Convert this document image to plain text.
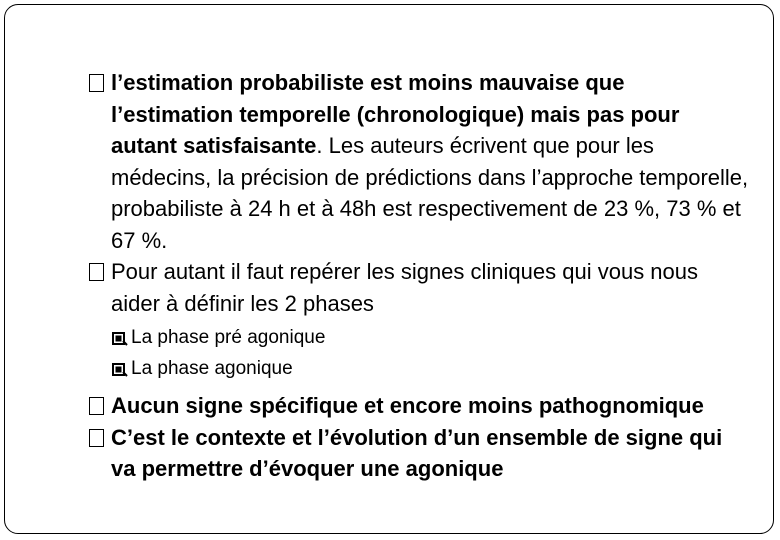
l’estimation probabiliste est moins mauvaise que l’estimation temporelle (chronologique) mais pas pour autant satisfaisante. Les auteurs écrivent que pour les médecins, la précision de prédictions dans l’approche temporelle, probabiliste à 24 h et à 48h est respectivement de 23 %, 73 % et 67 %.
Pour autant il faut repérer les signes cliniques qui vous nous aider à définir les 2 phases
La phase pré agonique
La phase agonique
Aucun signe spécifique et encore moins pathognomique
C’est le contexte et l’évolution d’un ensemble de signe qui va permettre d’évoquer une agonique
